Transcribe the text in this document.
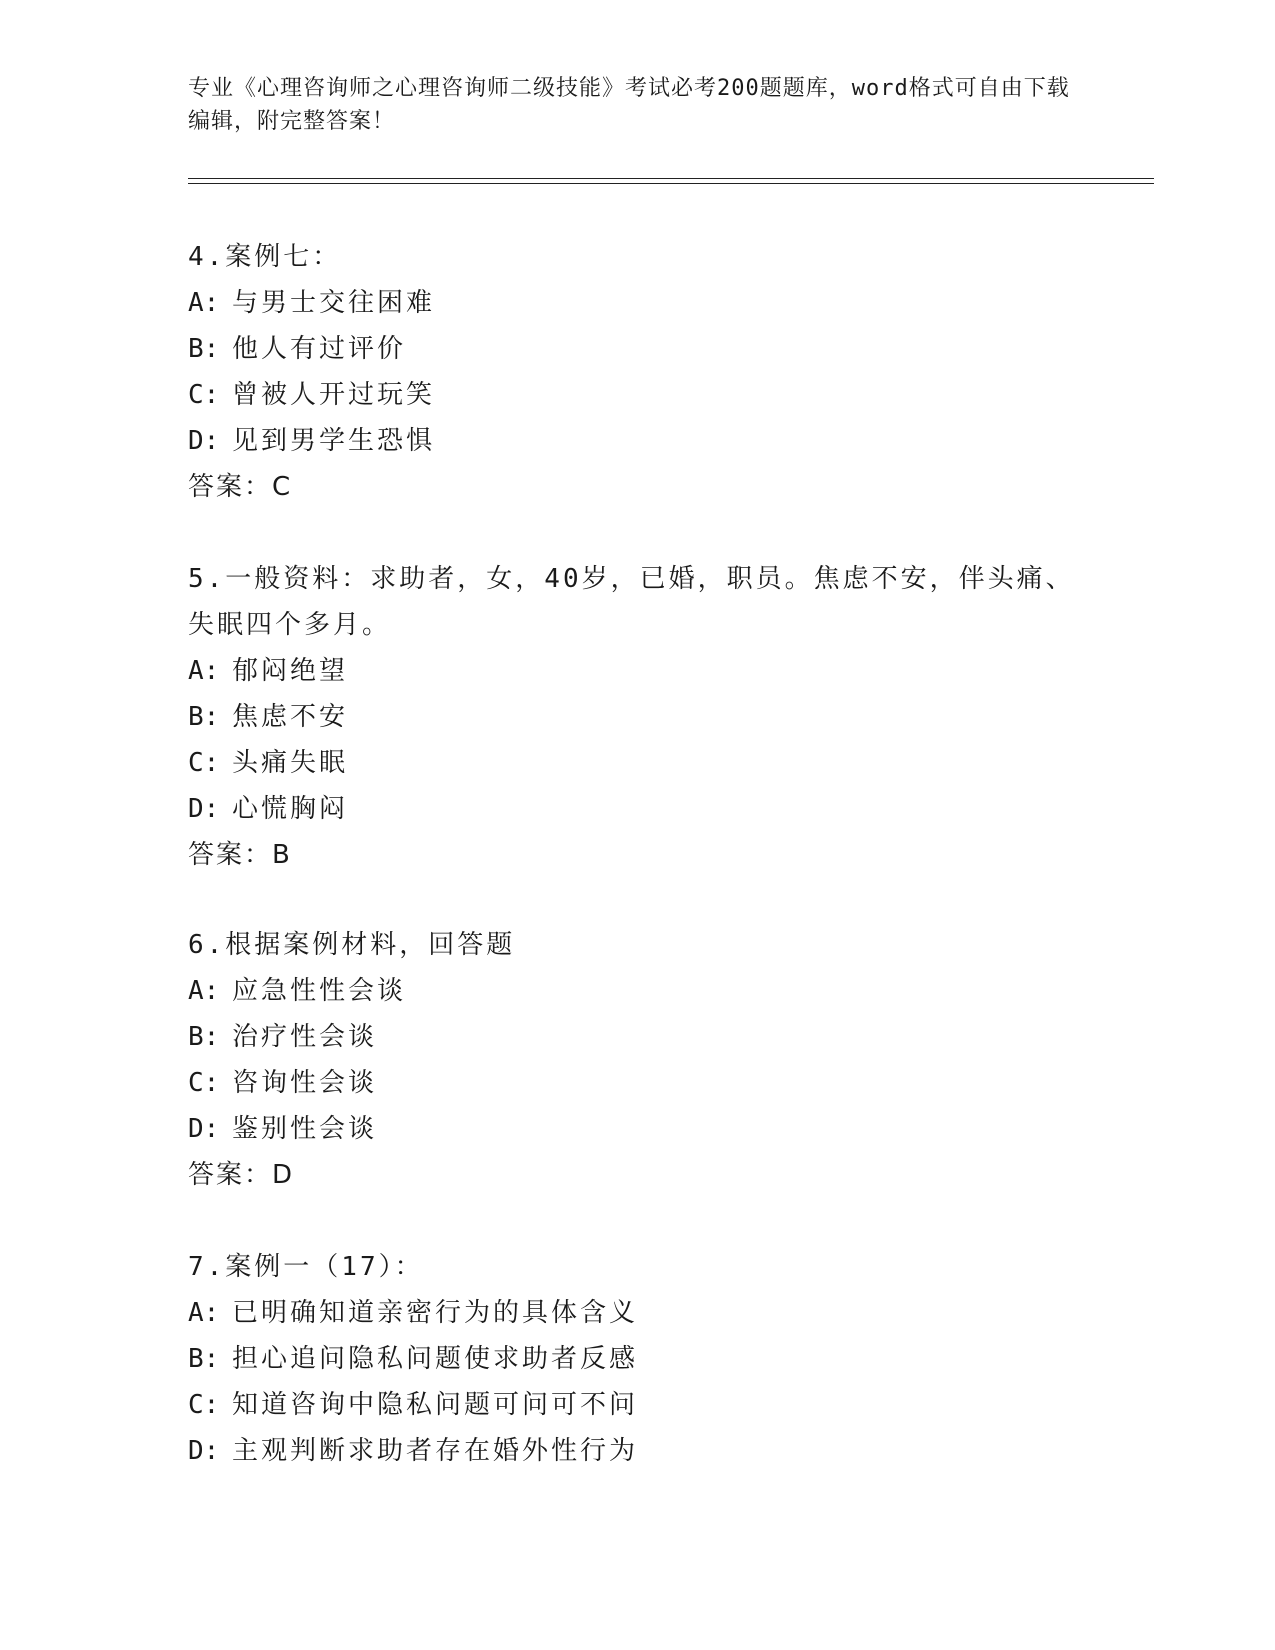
专业《心理咨询师之心理咨询师二级技能》考试必考200题题库，word格式可自由下载编辑，附完整答案！

4.案例七：

A: 与男士交往困难

B: 他人有过评价

C: 曾被人开过玩笑

D: 见到男学生恐惧

答案：C

5.一般资料：求助者，女，40岁，已婚，职员。焦虑不安，伴头痛、失眠四个多月。

A: 郁闷绝望

B: 焦虑不安

C: 头痛失眠

D: 心慌胸闷

答案：B

6.根据案例材料，回答题

A: 应急性性会谈

B: 治疗性会谈

C: 咨询性会谈

D: 鉴别性会谈

答案：D

7.案例一（17）：

A: 已明确知道亲密行为的具体含义

B: 担心追问隐私问题使求助者反感

C: 知道咨询中隐私问题可问可不问

D: 主观判断求助者存在婚外性行为
